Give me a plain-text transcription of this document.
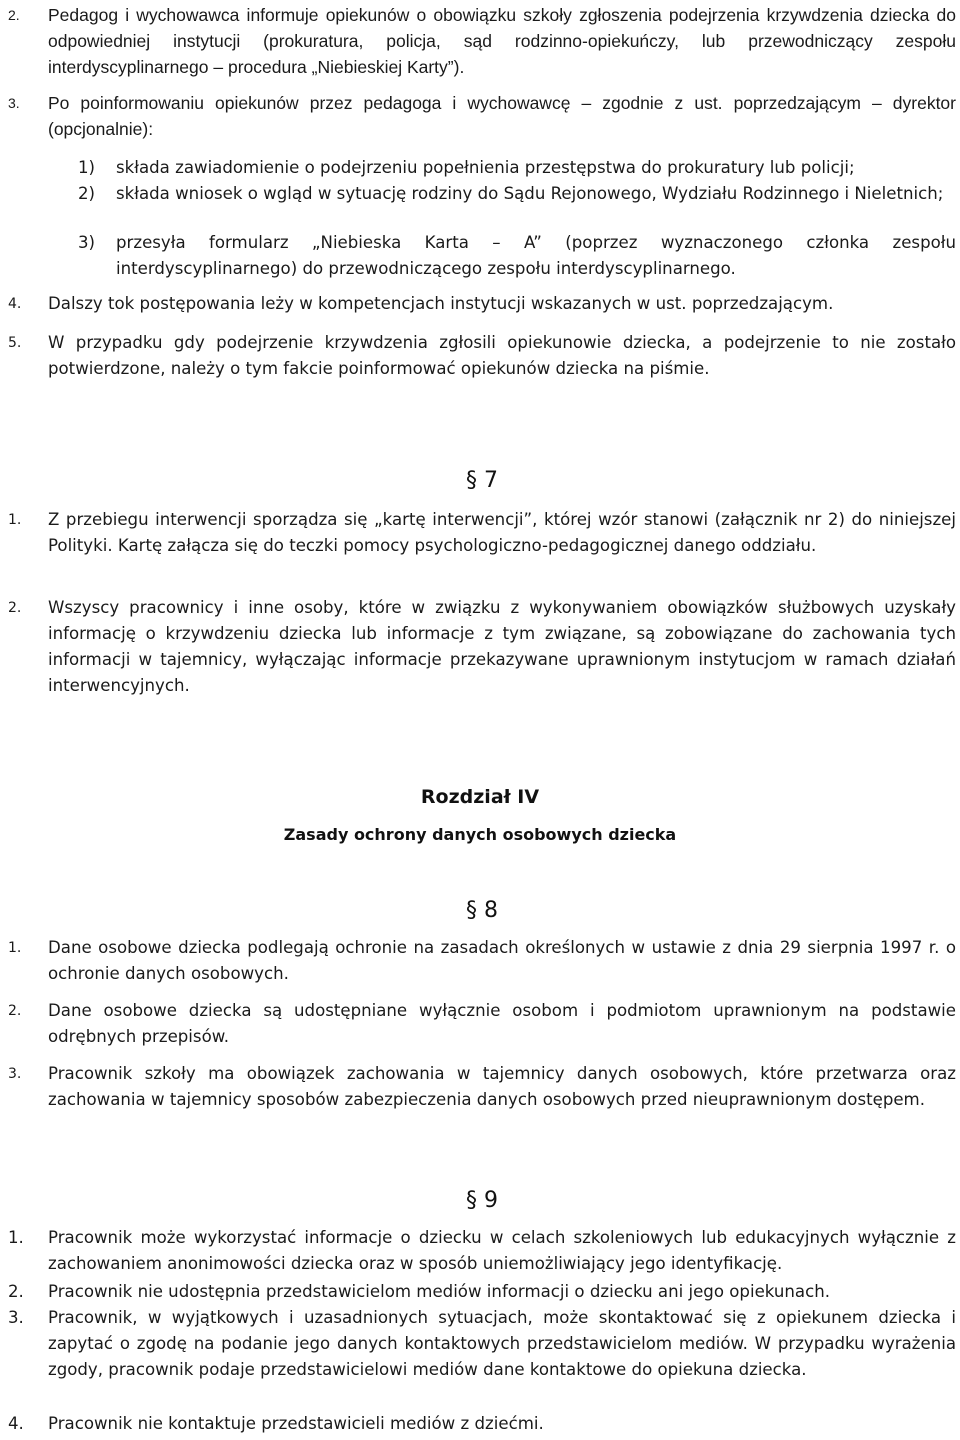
2. Pedagog i wychowawca informuje opiekunów o obowiązku szkoły zgłoszenia podejrzenia krzywdzenia dziecka do odpowiedniej instytucji (prokuratura, policja, sąd rodzinno-opiekuńczy, lub przewodniczący zespołu interdyscyplinarnego – procedura „Niebieskiej Karty”).
3. Po poinformowaniu opiekunów przez pedagoga i wychowawcę – zgodnie z ust. poprzedzającym – dyrektor (opcjonalnie):
1) składa zawiadomienie o podejrzeniu popełnienia przestępstwa do prokuratury lub policji;
2) składa wniosek o wgląd w sytuację rodziny do Sądu Rejonowego, Wydziału Rodzinnego i Nieletnich;
3) przesyła formularz „Niebieska Karta – A” (poprzez wyznaczonego członka zespołu interdyscyplinarnego) do przewodniczącego zespołu interdyscyplinarnego.
4. Dalszy tok postępowania leży w kompetencjach instytucji wskazanych w ust. poprzedzającym.
5. W przypadku gdy podejrzenie krzywdzenia zgłosili opiekunowie dziecka, a podejrzenie to nie zostało potwierdzone, należy o tym fakcie poinformować opiekunów dziecka na piśmie.
§ 7
1. Z przebiegu interwencji sporządza się „kartę interwencji”, której wzór stanowi (załącznik nr 2) do niniejszej Polityki. Kartę załącza się do teczki pomocy psychologiczno-pedagogicznej danego oddziału.
2. Wszyscy pracownicy i inne osoby, które w związku z wykonywaniem obowiązków służbowych uzyskały informację o krzywdzeniu dziecka lub informacje z tym związane, są zobowiązane do zachowania tych informacji w tajemnicy, wyłączając informacje przekazywane uprawnionym instytucjom w ramach działań interwencyjnych.
Rozdział IV
Zasady ochrony danych osobowych dziecka
§ 8
1. Dane osobowe dziecka podlegają ochronie na zasadach określonych w ustawie z dnia 29 sierpnia 1997 r. o ochronie danych osobowych.
2. Dane osobowe dziecka są udostępniane wyłącznie osobom i podmiotom uprawnionym na podstawie odrębnych przepisów.
3. Pracownik szkoły ma obowiązek zachowania w tajemnicy danych osobowych, które przetwarza oraz zachowania w tajemnicy sposobów zabezpieczenia danych osobowych przed nieuprawnionym dostępem.
§ 9
1. Pracownik może wykorzystać informacje o dziecku w celach szkoleniowych lub edukacyjnych wyłącznie z zachowaniem anonimowości dziecka oraz w sposób uniemożliwiający jego identyfikację.
2. Pracownik nie udostępnia przedstawicielom mediów informacji o dziecku ani jego opiekunach.
3. Pracownik, w wyjątkowych i uzasadnionych sytuacjach, może skontaktować się z opiekunem dziecka i zapytać o zgodę na podanie jego danych kontaktowych przedstawicielom mediów. W przypadku wyrażenia zgody, pracownik podaje przedstawicielowi mediów dane kontaktowe do opiekuna dziecka.
4. Pracownik nie kontaktuje przedstawicieli mediów z dziećmi.
